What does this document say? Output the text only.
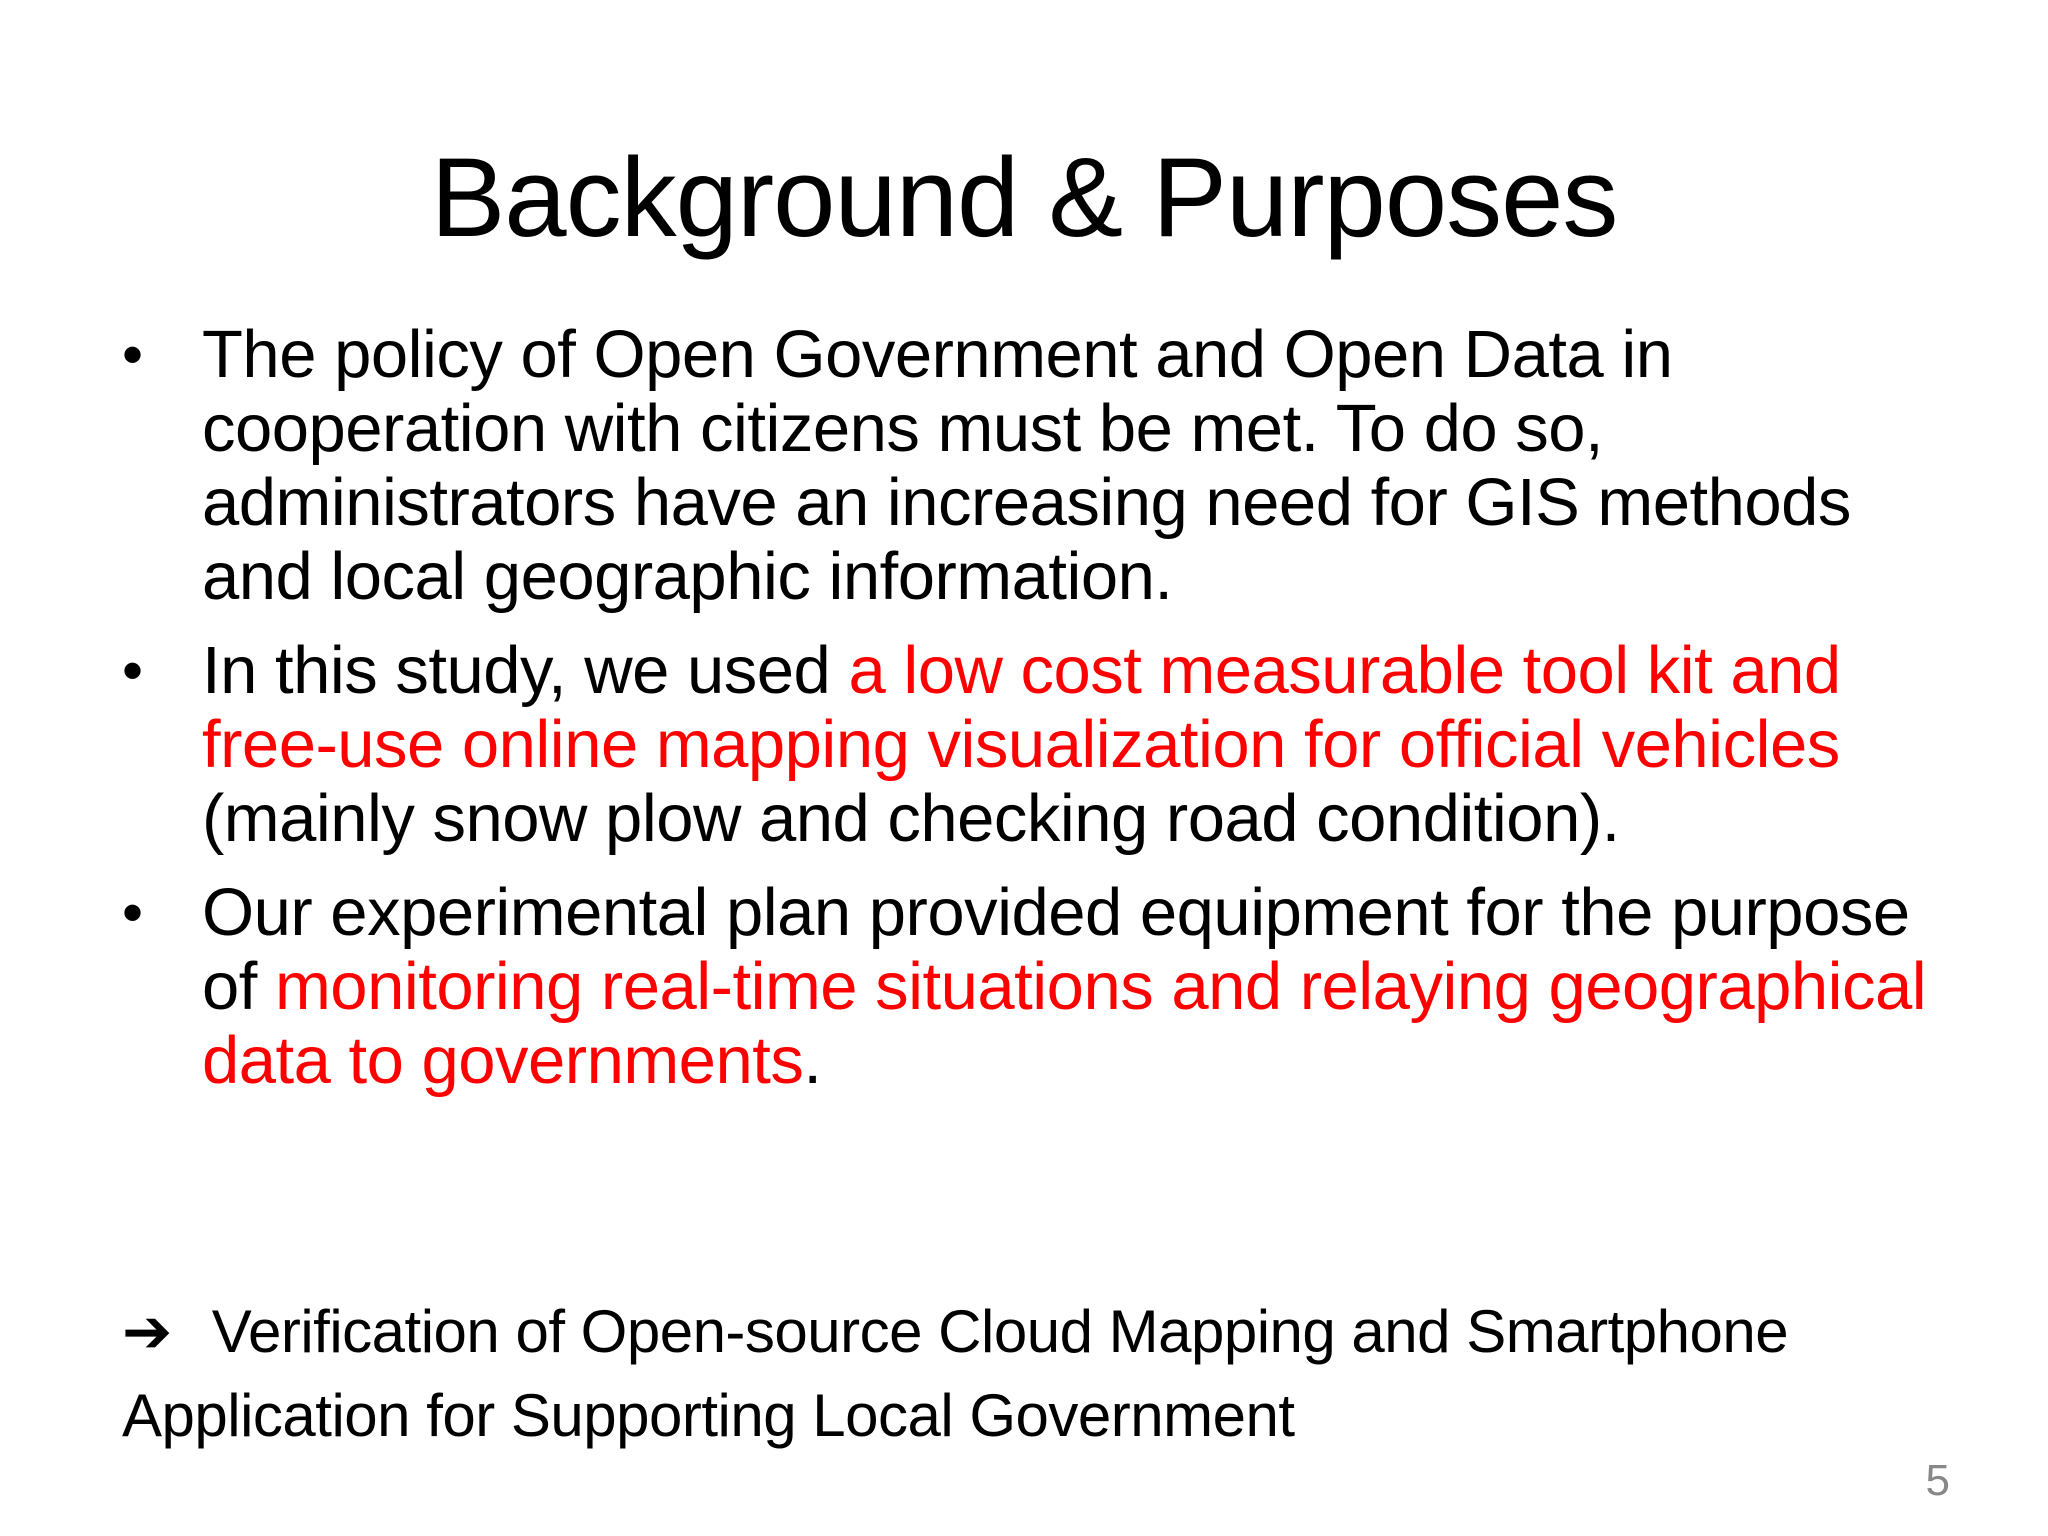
Background & Purposes
• The policy of Open Government and Open Data in cooperation with citizens must be met. To do so, administrators have an increasing need for GIS methods and local geographic information.
• In this study, we used a low cost measurable tool kit and free-use online mapping visualization for official vehicles (mainly snow plow and checking road condition).
• Our experimental plan provided equipment for the purpose of monitoring real-time situations and relaying geographical data to governments.
➔ Verification of Open-source Cloud Mapping and Smartphone Application for Supporting Local Government
5
